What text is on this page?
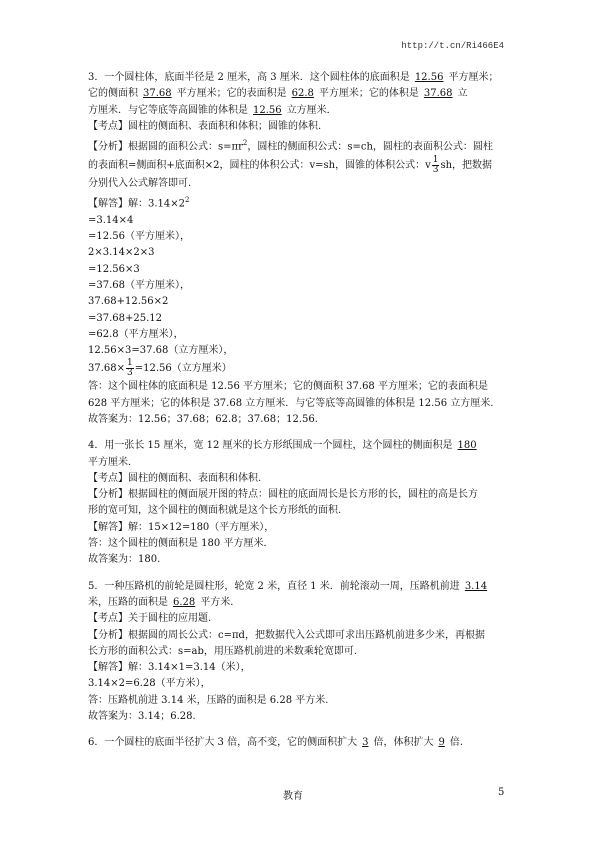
http://t.cn/Ri466E4
3．一个圆柱体，底面半径是 2 厘米，高 3 厘米．这个圆柱体的底面积是 12.56 平方厘米；
它的侧面积 37.68 平方厘米；它的表面积是 62.8 平方厘米；它的体积是 37.68 立
方厘米．与它等底等高圆锥的体积是 12.56 立方厘米．
【考点】圆柱的侧面积、表面积和体积；圆锥的体积.
【分析】根据圆的面积公式：$s=\pi r^2$，圆柱的侧面积公式：s=ch，圆柱的表面积公式：圆柱
的表面积=侧面积+底面积×2，圆柱的体积公式：v=sh，圆锥的体积公式：v $\frac{1}{3}$ sh，把数据
分别代入公式解答即可.
【解答】解：$3.14\times 2^2$
=3.14×4
=12.56（平方厘米），
2×3.14×2×3
=12.56×3
=37.68（平方厘米），
37.68+12.56×2
=37.68+25.12
=62.8（平方厘米），
12.56×3=37.68（立方厘米），
$37.68\times \frac{1}{3} =12.56$（立方厘米）
答：这个圆柱体的底面积是 12.56 平方厘米；它的侧面积 37.68 平方厘米；它的表面积是
628 平方厘米；它的体积是 37.68 立方厘米．与它等底等高圆锥的体积是 12.56 立方厘米.
故答案为：12.56；37.68；62.8；37.68；12.56.
4．用一张长 15 厘米，宽 12 厘米的长方形纸围成一个圆柱，这个圆柱的侧面积是 180
平方厘米．
【考点】圆柱的侧面积、表面积和体积.
【分析】根据圆柱的侧面展开图的特点：圆柱的底面周长是长方形的长，圆柱的高是长方
形的宽可知，这个圆柱的侧面积就是这个长方形纸的面积.
【解答】解：15×12=180（平方厘米），
答：这个圆柱的侧面积是 180 平方厘米．
故答案为：180.
5．一种压路机的前轮是圆柱形，轮宽 2 米，直径 1 米．前轮滚动一周，压路机前进 3.14
米，压路的面积是 6.28 平方米．
【考点】关于圆柱的应用题.
【分析】根据圆的周长公式：c=πd，把数据代入公式即可求出压路机前进多少米，再根据
长方形的面积公式：s=ab，用压路机前进的米数乘轮宽即可.
【解答】解：3.14×1=3.14（米），
3.14×2=6.28（平方米），
答：压路机前进 3.14 米，压路的面积是 6.28 平方米.
故答案为：3.14；6.28.
6．一个圆柱的底面半径扩大 3 倍，高不变，它的侧面积扩大 3 倍，体积扩大 9 倍.
教育	5
